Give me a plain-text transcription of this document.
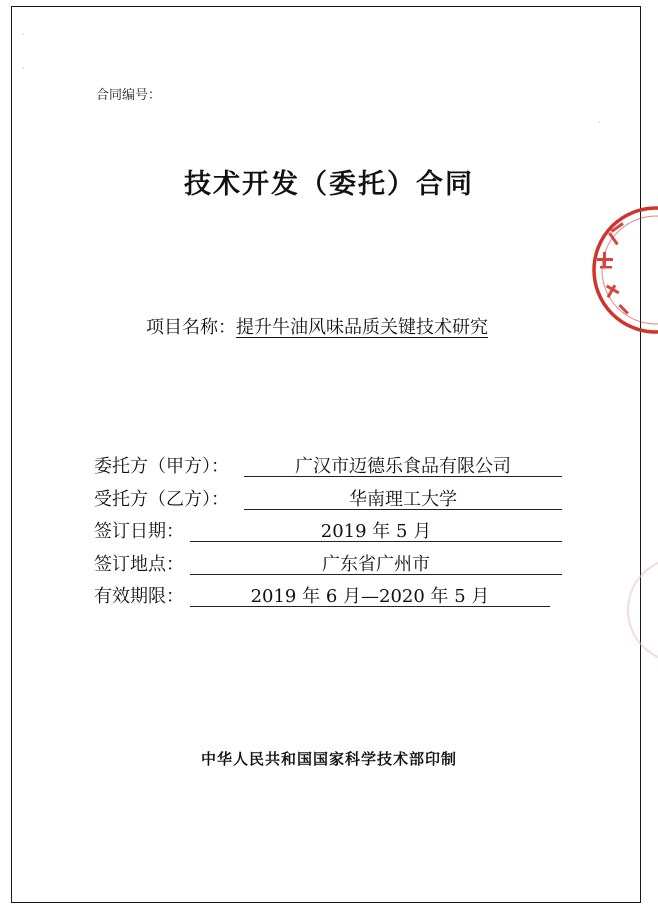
·
·
·
合同编号：
技术开发（委托）合同
项目名称：提升牛油风味品质关键技术研究
委托方（甲方）：	广汉市迈德乐食品有限公司
受托方（乙方）：	华南理工大学
签订日期：	2019 年 5 月
签订地点：	广东省广州市
有效期限：	2019 年 6 月—2020 年 5 月
中华人民共和国国家科学技术部印制
